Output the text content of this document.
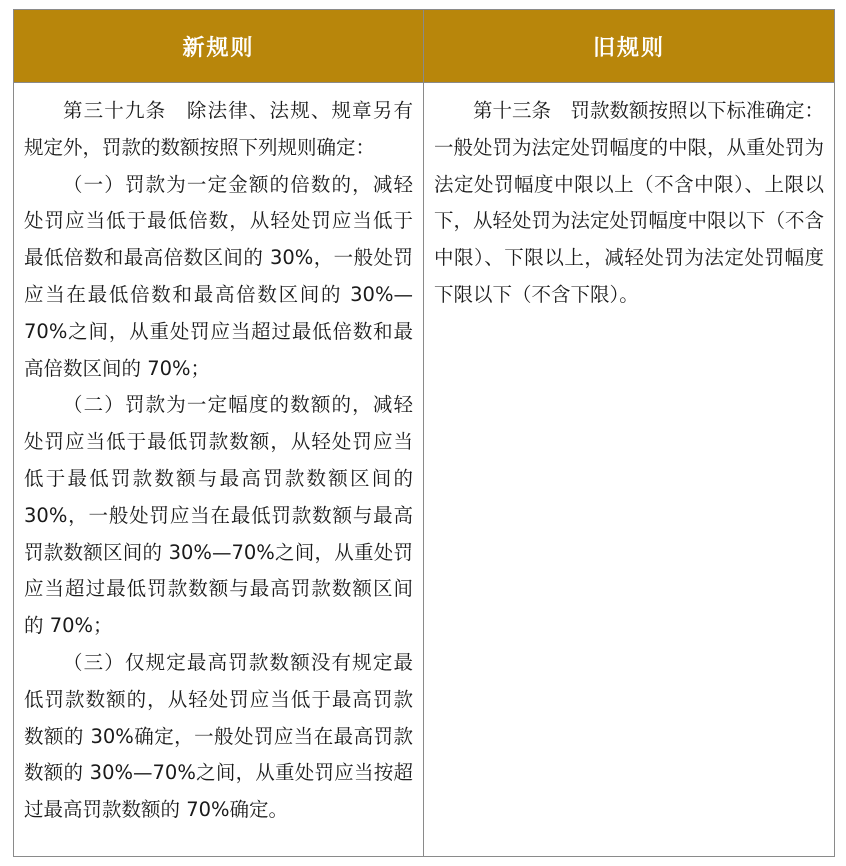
新规则	旧规则

第三十九条　除法律、法规、规章另有规定外，罚款的数额按照下列规则确定：

（一）罚款为一定金额的倍数的，减轻处罚应当低于最低倍数，从轻处罚应当低于最低倍数和最高倍数区间的 30%，一般处罚应当在最低倍数和最高倍数区间的 30%—70%之间，从重处罚应当超过最低倍数和最高倍数区间的 70%；

（二）罚款为一定幅度的数额的，减轻处罚应当低于最低罚款数额，从轻处罚应当低于最低罚款数额与最高罚款数额区间的 30%，一般处罚应当在最低罚款数额与最高罚款数额区间的 30%—70%之间，从重处罚应当超过最低罚款数额与最高罚款数额区间的 70%；

（三）仅规定最高罚款数额没有规定最低罚款数额的，从轻处罚应当低于最高罚款数额的 30%确定，一般处罚应当在最高罚款数额的 30%—70%之间，从重处罚应当按超过最高罚款数额的 70%确定。

第十三条　罚款数额按照以下标准确定：一般处罚为法定处罚幅度的中限，从重处罚为法定处罚幅度中限以上（不含中限）、上限以下，从轻处罚为法定处罚幅度中限以下（不含中限）、下限以上，减轻处罚为法定处罚幅度下限以下（不含下限）。
